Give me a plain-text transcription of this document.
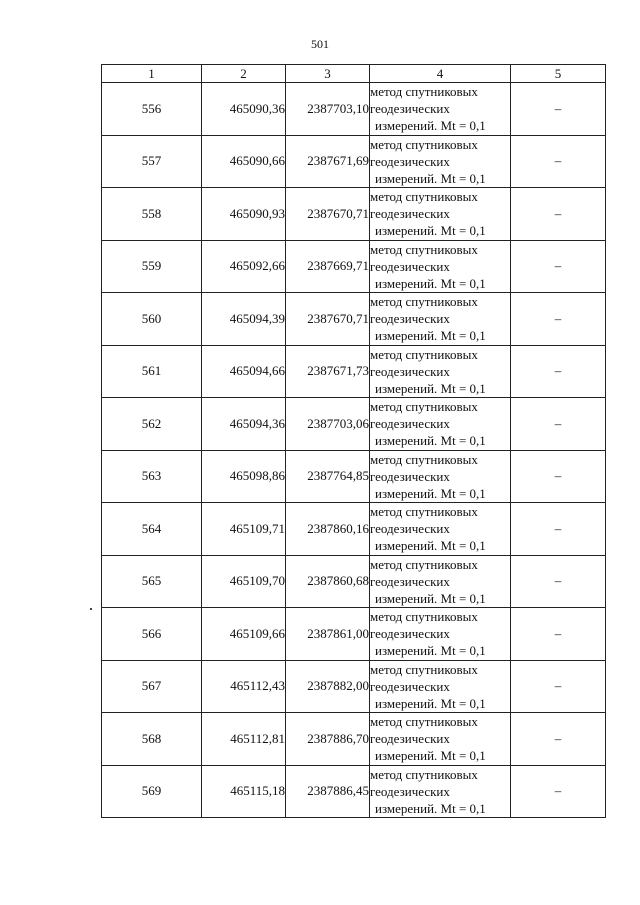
501
1	2	3	4	5
556	465090,36	2387703,10	метод спутниковых
геодезических
измерений. Mt = 0,1	–
557	465090,66	2387671,69	метод спутниковых
геодезических
измерений. Mt = 0,1	–
558	465090,93	2387670,71	метод спутниковых
геодезических
измерений. Mt = 0,1	–
559	465092,66	2387669,71	метод спутниковых
геодезических
измерений. Mt = 0,1	–
560	465094,39	2387670,71	метод спутниковых
геодезических
измерений. Mt = 0,1	–
561	465094,66	2387671,73	метод спутниковых
геодезических
измерений. Mt = 0,1	–
562	465094,36	2387703,06	метод спутниковых
геодезических
измерений. Mt = 0,1	–
563	465098,86	2387764,85	метод спутниковых
геодезических
измерений. Mt = 0,1	–
564	465109,71	2387860,16	метод спутниковых
геодезических
измерений. Mt = 0,1	–
565	465109,70	2387860,68	метод спутниковых
геодезических
измерений. Mt = 0,1	–
566	465109,66	2387861,00	метод спутниковых
геодезических
измерений. Mt = 0,1	–
567	465112,43	2387882,00	метод спутниковых
геодезических
измерений. Mt = 0,1	–
568	465112,81	2387886,70	метод спутниковых
геодезических
измерений. Mt = 0,1	–
569	465115,18	2387886,45	метод спутниковых
геодезических
измерений. Mt = 0,1	–
